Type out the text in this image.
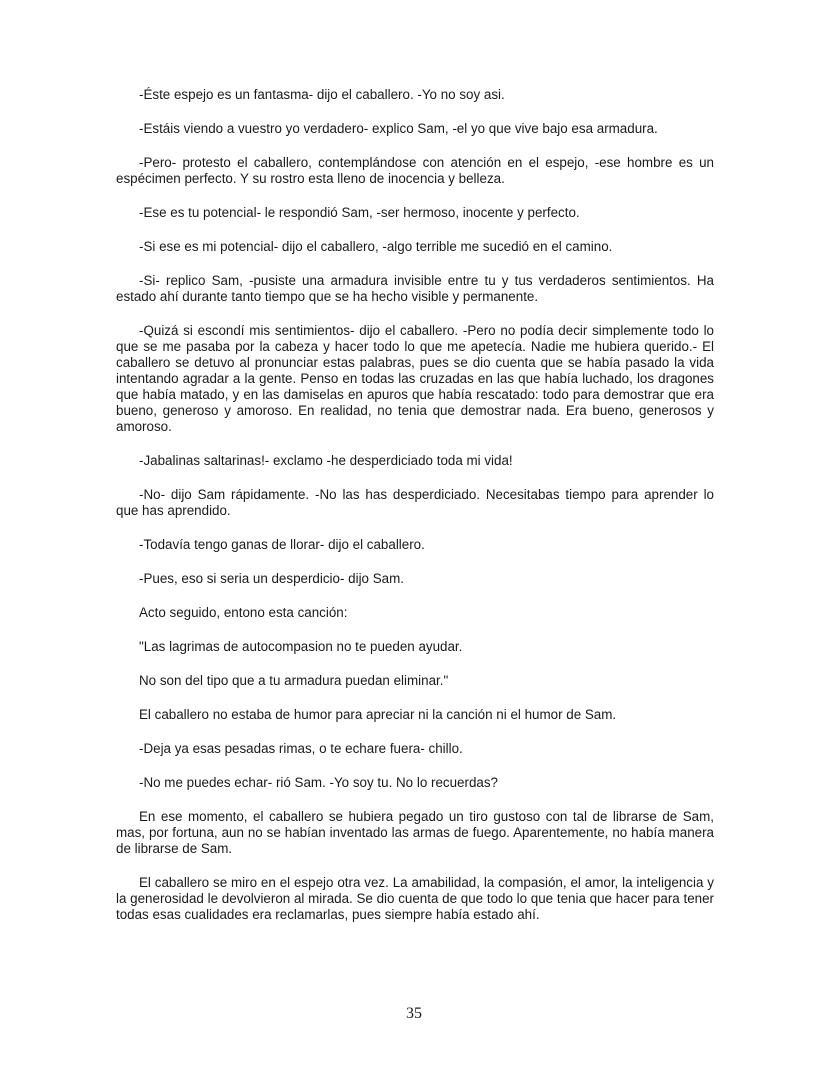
-Éste espejo es un fantasma- dijo el caballero. -Yo no soy asi.

-Estáis viendo a vuestro yo verdadero- explico Sam, -el yo que vive bajo esa armadura.

-Pero- protesto el caballero, contemplándose con atención en el espejo, -ese hombre es un espécimen perfecto. Y su rostro esta lleno de inocencia y belleza.

-Ese es tu potencial- le respondió Sam, -ser hermoso, inocente y perfecto.

-Si ese es mi potencial- dijo el caballero, -algo terrible me sucedió en el camino.

-Si- replico Sam, -pusiste una armadura invisible entre tu y tus verdaderos sentimientos. Ha estado ahí durante tanto tiempo que se ha hecho visible y permanente.

-Quizá si escondí mis sentimientos- dijo el caballero. -Pero no podía decir simplemente todo lo que se me pasaba por la cabeza y hacer todo lo que me apetecía. Nadie me hubiera querido.- El caballero se detuvo al pronunciar estas palabras, pues se dio cuenta que se había pasado la vida intentando agradar a la gente. Penso en todas las cruzadas en las que había luchado, los dragones que había matado, y en las damiselas en apuros que había rescatado: todo para demostrar que era bueno, generoso y amoroso. En realidad, no tenia que demostrar nada. Era bueno, generosos y amoroso.

-Jabalinas saltarinas!- exclamo -he desperdiciado toda mi vida!

-No- dijo Sam rápidamente. -No las has desperdiciado. Necesitabas tiempo para aprender lo que has aprendido.

-Todavía tengo ganas de llorar- dijo el caballero.

-Pues, eso si seria un desperdicio- dijo Sam.

Acto seguido, entono esta canción:

"Las lagrimas de autocompasion no te pueden ayudar.

No son del tipo que a tu armadura puedan eliminar."

El caballero no estaba de humor para apreciar ni la canción ni el humor de Sam.

-Deja ya esas pesadas rimas, o te echare fuera- chillo.

-No me puedes echar- rió Sam. -Yo soy tu. No lo recuerdas?

En ese momento, el caballero se hubiera pegado un tiro gustoso con tal de librarse de Sam, mas, por fortuna, aun no se habían inventado las armas de fuego. Aparentemente, no había manera de librarse de Sam.

El caballero se miro en el espejo otra vez. La amabilidad, la compasión, el amor, la inteligencia y la generosidad le devolvieron al mirada. Se dio cuenta de que todo lo que tenia que hacer para tener todas esas cualidades era reclamarlas, pues siempre había estado ahí.

35
